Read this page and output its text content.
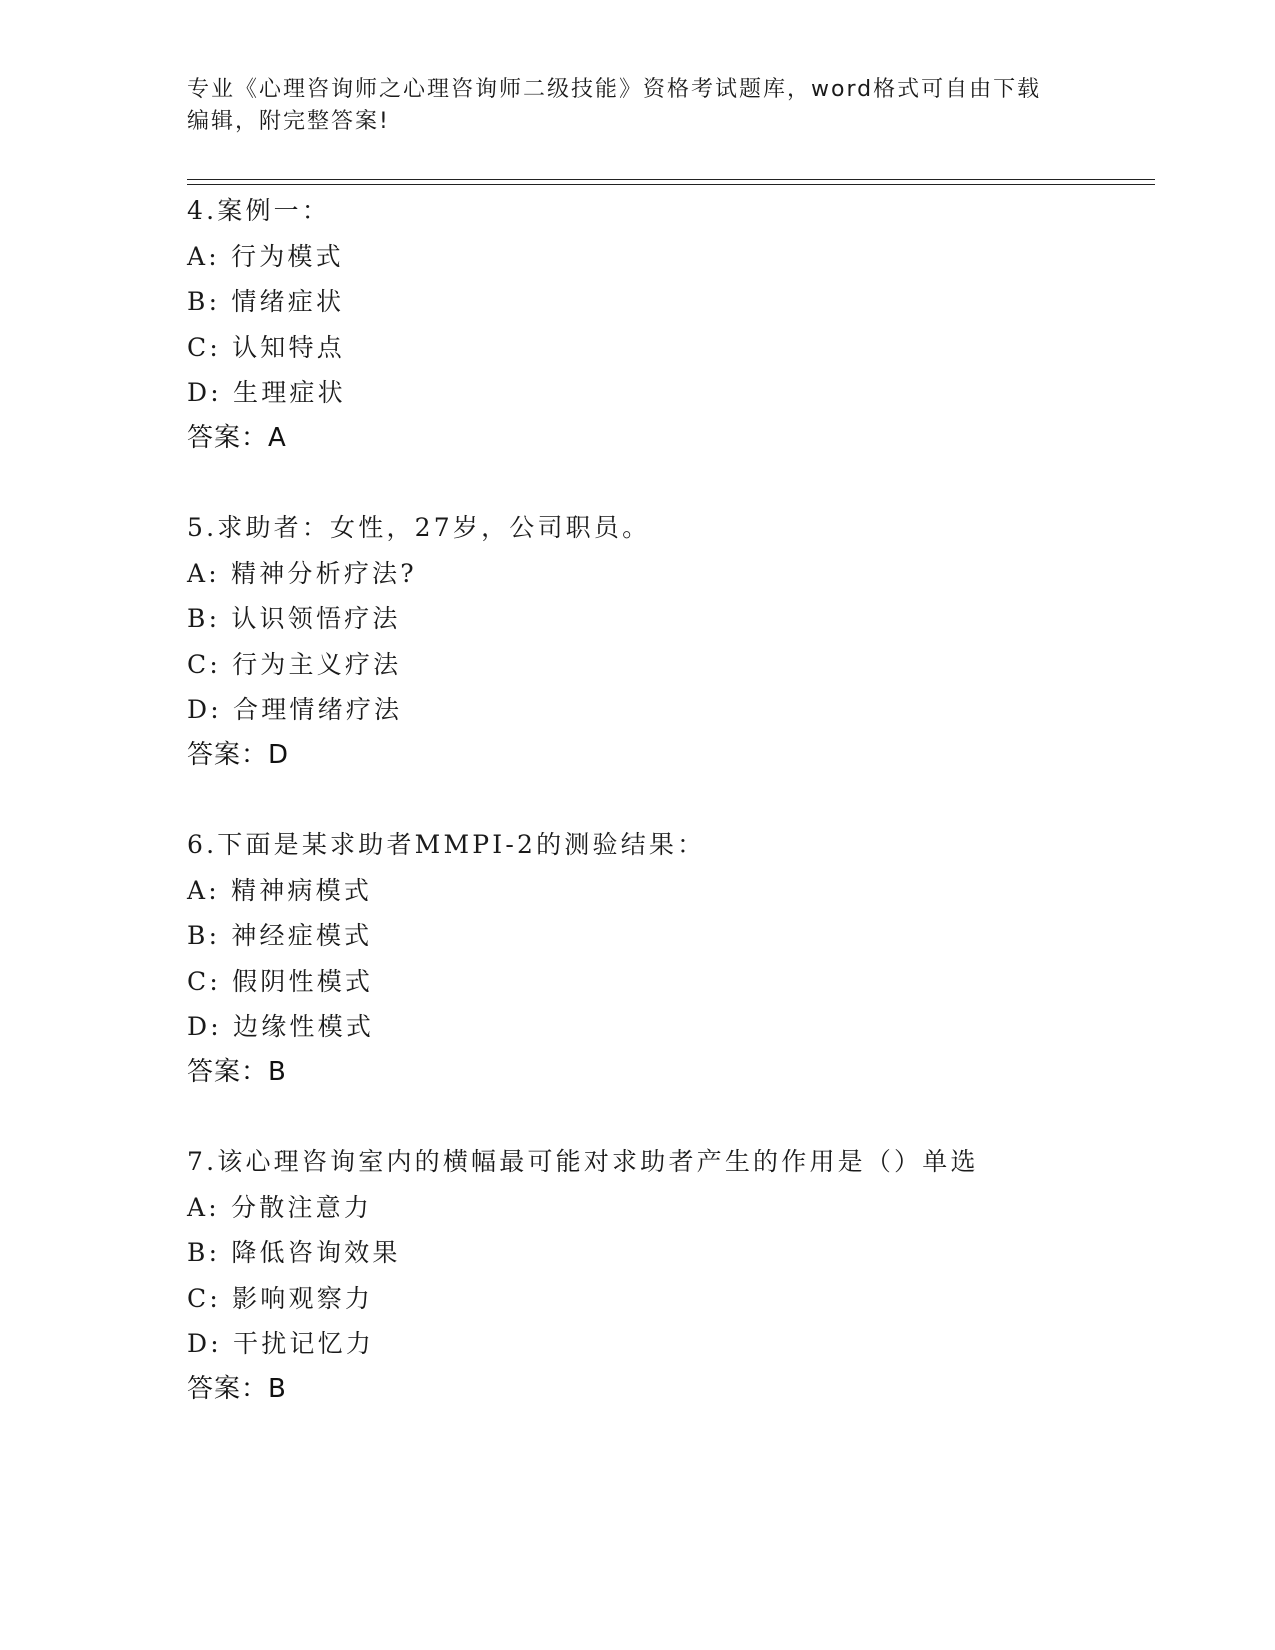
专业《心理咨询师之心理咨询师二级技能》资格考试题库，word格式可自由下载
编辑，附完整答案!
4.案例一：
A: 行为模式
B: 情绪症状
C: 认知特点
D: 生理症状
答案：A
5.求助者：女性，27岁，公司职员。
A: 精神分析疗法?
B: 认识领悟疗法
C: 行为主义疗法
D: 合理情绪疗法
答案：D
6.下面是某求助者MMPI-2的测验结果：
A: 精神病模式
B: 神经症模式
C: 假阴性模式
D: 边缘性模式
答案：B
7.该心理咨询室内的横幅最可能对求助者产生的作用是（）单选
A: 分散注意力
B: 降低咨询效果
C: 影响观察力
D: 干扰记忆力
答案：B
